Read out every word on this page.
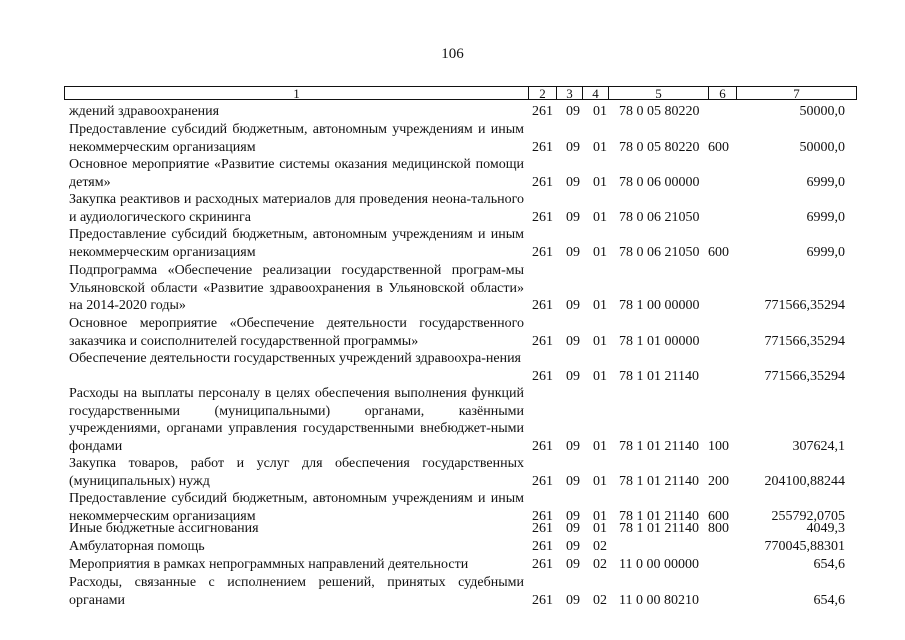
106
1	2	3	4	5	6	7
ждений здравоохранения	261 09 01 78 0 05 80220	50000,0
Предоставление субсидий бюджетным, автономным учреждениям и иным некоммерческим организациям	261 09 01 78 0 05 80220 600	50000,0
Основное мероприятие «Развитие системы оказания медицинской помощи детям»	261 09 01 78 0 06 00000	6999,0
Закупка реактивов и расходных материалов для проведения неона-тального и аудиологического скрининга	261 09 01 78 0 06 21050	6999,0
Предоставление субсидий бюджетным, автономным учреждениям и иным некоммерческим организациям	261 09 01 78 0 06 21050 600	6999,0
Подпрограмма «Обеспечение реализации государственной програм-мы Ульяновской области «Развитие здравоохранения в Ульяновской области» на 2014-2020 годы»	261 09 01 78 1 00 00000	771566,35294
Основное мероприятие «Обеспечение деятельности государственного заказчика и соисполнителей государственной программы»	261 09 01 78 1 01 00000	771566,35294
Обеспечение деятельности государственных учреждений здравоохра-нения
261 09 01 78 1 01 21140	771566,35294
Расходы на выплаты персоналу в целях обеспечения выполнения функций государственными (муниципальными) органами, казёнными учреждениями, органами управления государственными внебюджет-ными фондами	261 09 01 78 1 01 21140 100	307624,1
Закупка товаров, работ и услуг для обеспечения государственных (муниципальных) нужд	261 09 01 78 1 01 21140 200	204100,88244
Предоставление субсидий бюджетным, автономным учреждениям и иным некоммерческим организациям	261 09 01 78 1 01 21140 600	255792,0705
Иные бюджетные ассигнования	261 09 01 78 1 01 21140 800	4049,3
Амбулаторная помощь	261 09 02	770045,88301
Мероприятия в рамках непрограммных направлений деятельности	261 09 02 11 0 00 00000	654,6
Расходы, связанные с исполнением решений, принятых судебными органами	261 09 02 11 0 00 80210	654,6
